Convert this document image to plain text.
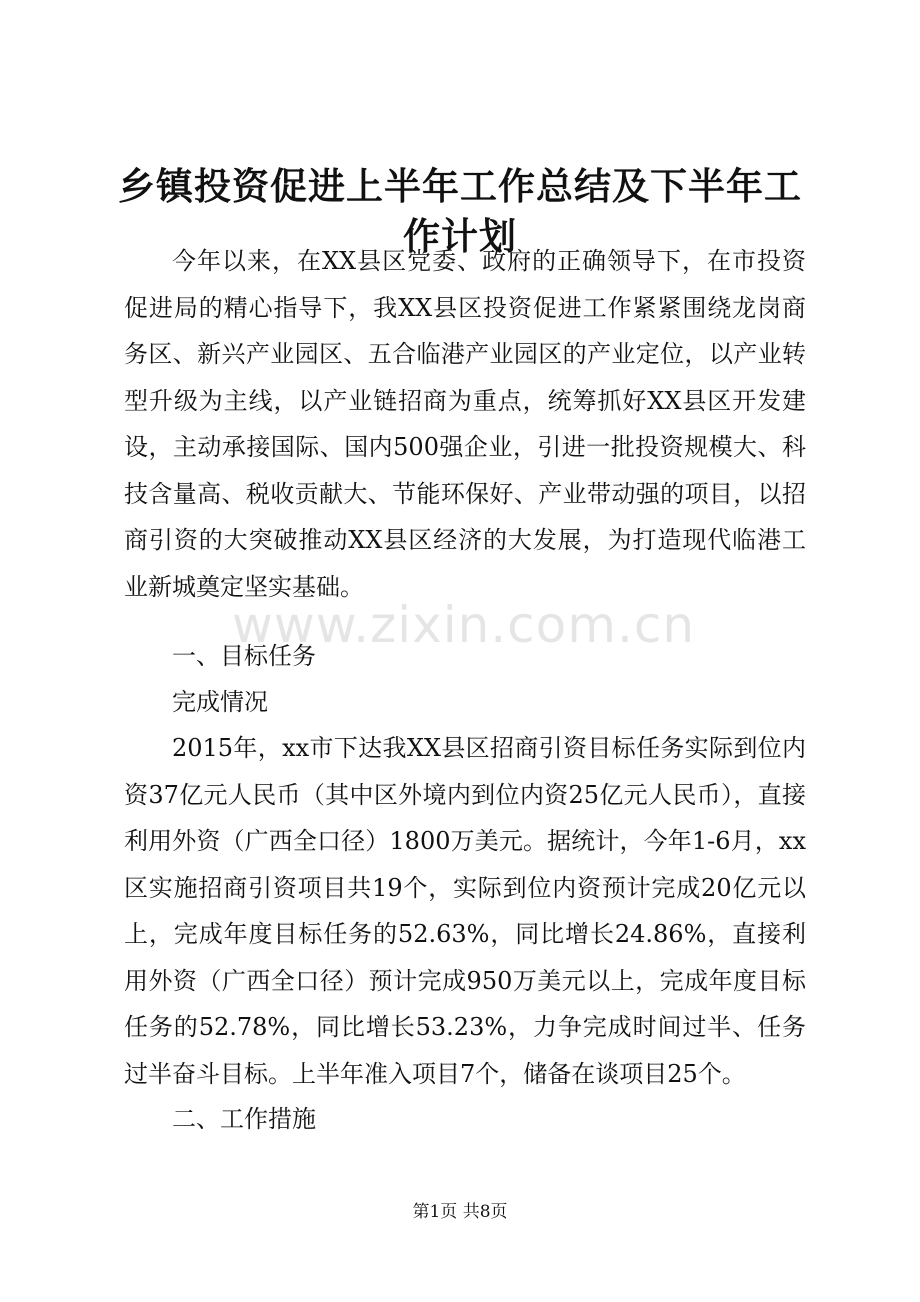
乡镇投资促进上半年工作总结及下半年工作计划

今年以来，在XX县区党委、政府的正确领导下，在市投资促进局的精心指导下，我XX县区投资促进工作紧紧围绕龙岗商务区、新兴产业园区、五合临港产业园区的产业定位，以产业转型升级为主线，以产业链招商为重点，统筹抓好XX县区开发建设，主动承接国际、国内500强企业，引进一批投资规模大、科技含量高、税收贡献大、节能环保好、产业带动强的项目，以招商引资的大突破推动XX县区经济的大发展，为打造现代临港工业新城奠定坚实基础。

一、目标任务

完成情况

2015年，xx市下达我XX县区招商引资目标任务实际到位内资37亿元人民币（其中区外境内到位内资25亿元人民币），直接利用外资（广西全口径）1800万美元。据统计，今年1-6月，xx区实施招商引资项目共19个，实际到位内资预计完成20亿元以上，完成年度目标任务的52.63%，同比增长24.86%，直接利用外资（广西全口径）预计完成950万美元以上，完成年度目标任务的52.78%，同比增长53.23%，力争完成时间过半、任务过半奋斗目标。上半年准入项目7个，储备在谈项目25个。

二、工作措施

www.zixin.com.cn

第1页 共8页
